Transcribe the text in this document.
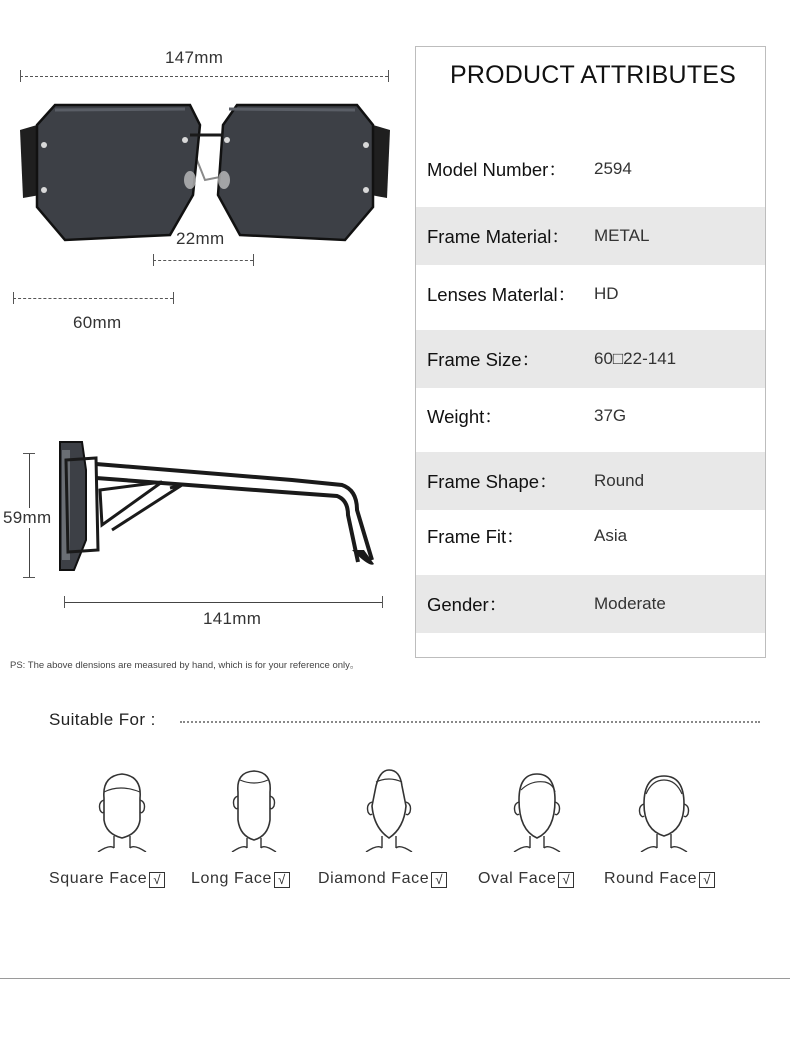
147mm
22mm
60mm
59mm
141mm
PS: The above dlensions are measured by hand, which is for your reference only。
PRODUCT ATTRIBUTES
Model Number： 2594
Frame Material： METAL
Lenses Materlal： HD
Frame Size：	60□22-141
Weight：	37G
Frame Shape： Round
Frame Fit：	Asia
Gender：	Moderate
Suitable For :
Square Face √ Long Face √ Diamond Face √ Oval Face √ Round Face √
